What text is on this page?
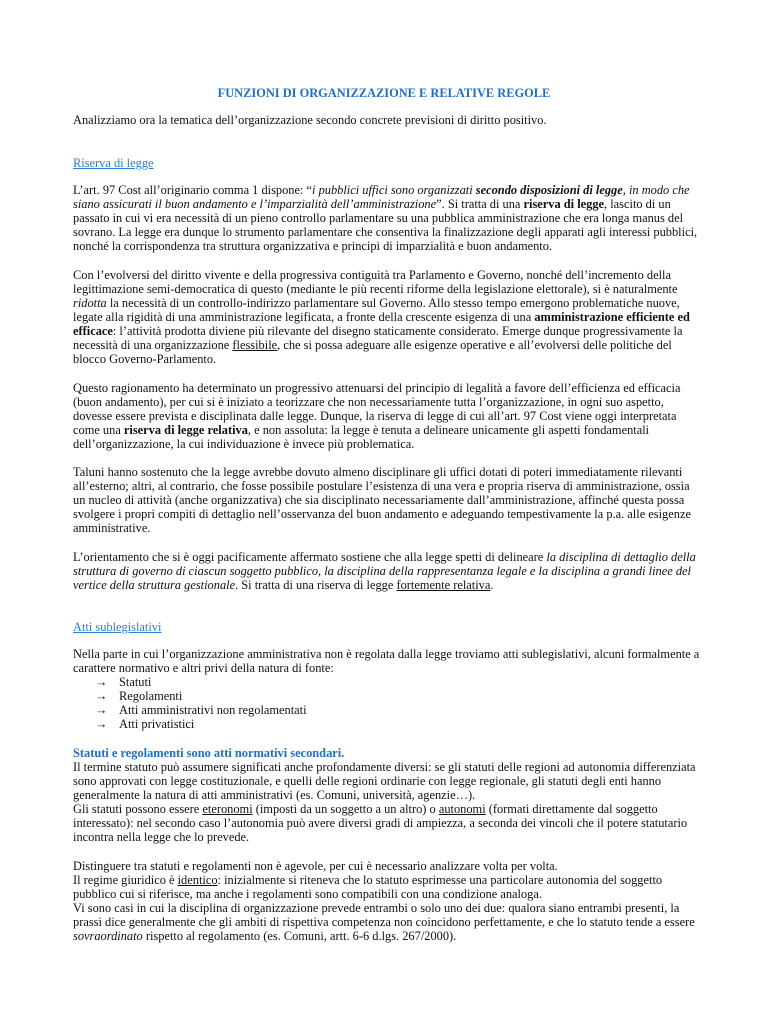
FUNZIONI DI ORGANIZZAZIONE E RELATIVE REGOLE

Analizziamo ora la tematica dell’organizzazione secondo concrete previsioni di diritto positivo.

Riserva di legge

L’art. 97 Cost all’originario comma 1 dispone: “i pubblici uffici sono organizzati secondo disposizioni di legge, in modo che siano assicurati il buon andamento e l’imparzialità dell’amministrazione”. Si tratta di una riserva di legge, lascito di un passato in cui vi era necessità di un pieno controllo parlamentare su una pubblica amministrazione che era longa manus del sovrano. La legge era dunque lo strumento parlamentare che consentiva la finalizzazione degli apparati agli interessi pubblici, nonché la corrispondenza tra struttura organizzativa e principi di imparzialità e buon andamento.

Con l’evolversi del diritto vivente e della progressiva contiguità tra Parlamento e Governo, nonché dell’incremento della legittimazione semi-democratica di questo (mediante le più recenti riforme della legislazione elettorale), si è naturalmente ridotta la necessità di un controllo-indirizzo parlamentare sul Governo. Allo stesso tempo emergono problematiche nuove, legate alla rigidità di una amministrazione legificata, a fronte della crescente esigenza di una amministrazione efficiente ed efficace: l’attività prodotta diviene più rilevante del disegno staticamente considerato. Emerge dunque progressivamente la necessità di una organizzazione flessibile, che si possa adeguare alle esigenze operative e all’evolversi delle politiche del blocco Governo-Parlamento.

Questo ragionamento ha determinato un progressivo attenuarsi del principio di legalità a favore dell’efficienza ed efficacia (buon andamento), per cui si è iniziato a teorizzare che non necessariamente tutta l’organizzazione, in ogni suo aspetto, dovesse essere prevista e disciplinata dalle legge. Dunque, la riserva di legge di cui all’art. 97 Cost viene oggi interpretata come una riserva di legge relativa, e non assoluta: la legge è tenuta a delineare unicamente gli aspetti fondamentali dell’organizzazione, la cui individuazione è invece più problematica.

Taluni hanno sostenuto che la legge avrebbe dovuto almeno disciplinare gli uffici dotati di poteri immediatamente rilevanti all’esterno; altri, al contrario, che fosse possibile postulare l’esistenza di una vera e propria riserva di amministrazione, ossia un nucleo di attività (anche organizzativa) che sia disciplinato necessariamente dall’amministrazione, affinché questa possa svolgere i propri compiti di dettaglio nell’osservanza del buon andamento e adeguando tempestivamente la p.a. alle esigenze amministrative.

L’orientamento che si è oggi pacificamente affermato sostiene che alla legge spetti di delineare la disciplina di dettaglio della struttura di governo di ciascun soggetto pubblico, la disciplina della rappresentanza legale e la disciplina a grandi linee del vertice della struttura gestionale. Si tratta di una riserva di legge fortemente relativa.

Atti sublegislativi

Nella parte in cui l’organizzazione amministrativa non è regolata dalla legge troviamo atti sublegislativi, alcuni formalmente a carattere normativo e altri privi della natura di fonte:

→ Statuti
→ Regolamenti
→ Atti amministrativi non regolamentati
→ Atti privatistici

Statuti e regolamenti sono atti normativi secondari.

Il termine statuto può assumere significati anche profondamente diversi: se gli statuti delle regioni ad autonomia differenziata sono approvati con legge costituzionale, e quelli delle regioni ordinarie con legge regionale, gli statuti degli enti hanno generalmente la natura di atti amministrativi (es. Comuni, università, agenzie…).

Gli statuti possono essere eteronomi (imposti da un soggetto a un altro) o autonomi (formati direttamente dal soggetto interessato): nel secondo caso l’autonomia può avere diversi gradi di ampiezza, a seconda dei vincoli che il potere statutario incontra nella legge che lo prevede.

Distinguere tra statuti e regolamenti non è agevole, per cui è necessario analizzare volta per volta.

Il regime giuridico è identico: inizialmente si riteneva che lo statuto esprimesse una particolare autonomia del soggetto pubblico cui si riferisce, ma anche i regolamenti sono compatibili con una condizione analoga.

Vi sono casi in cui la disciplina di organizzazione prevede entrambi o solo uno dei due: qualora siano entrambi presenti, la prassi dice generalmente che gli ambiti di rispettiva competenza non coincidono perfettamente, e che lo statuto tende a essere sovraordinato rispetto al regolamento (es. Comuni, artt. 6-6 d.lgs. 267/2000).
